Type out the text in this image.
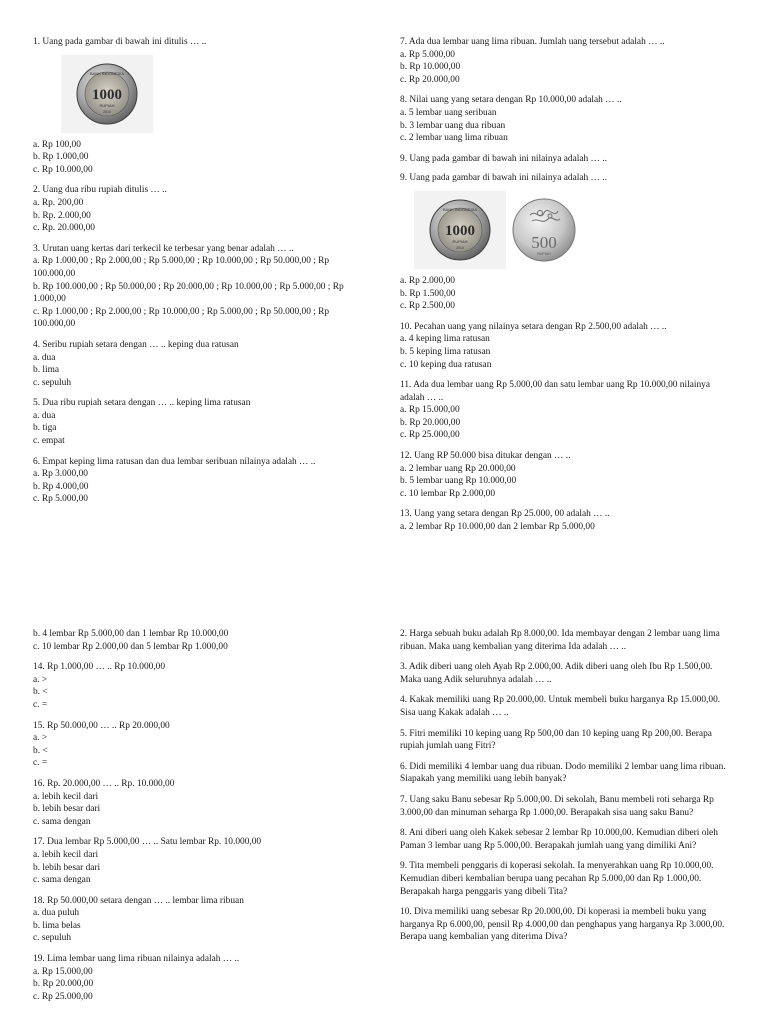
1. Uang pada gambar di bawah ini ditulis … ..

1000
RUPIAH
2010
BANK INDONESIA

a. Rp 100,00

b. Rp 1.000,00

c. Rp 10.000,00

2. Uang dua ribu rupiah ditulis … ..

a. Rp. 200,00

b. Rp. 2.000,00

c. Rp. 20.000,00

3. Urutan uang kertas dari terkecil ke terbesar yang benar adalah … ..

a. Rp 1.000,00 ; Rp 2.000,00 ; Rp 5.000,00 ; Rp 10.000,00 ; Rp 50.000,00 ; Rp 100.000,00

b. Rp 100.000,00 ; Rp 50.000,00 ; Rp 20.000,00 ; Rp 10.000,00 ; Rp 5.000,00 ; Rp 1.000,00

c. Rp 1.000,00 ; Rp 2.000,00 ; Rp 10.000,00 ; Rp 5.000,00 ; Rp 50.000,00 ; Rp 100.000,00

4. Seribu rupiah setara dengan … .. keping dua ratusan

a. dua

b. lima

c. sepuluh

5. Dua ribu rupiah setara dengan … .. keping lima ratusan

a. dua

b. tiga

c. empat

6. Empat keping lima ratusan dan dua lembar seribuan nilainya adalah … ..

a. Rp 3.000,00

b. Rp 4.000,00

c. Rp 5.000,00

7. Ada dua lembar uang lima ribuan. Jumlah uang tersebut adalah … ..

a. Rp 5.000,00

b. Rp 10.000,00

c. Rp 20.000,00

8. Nilai uang yang setara dengan Rp 10.000,00 adalah … ..

a. 5 lembar uang seribuan

b. 3 lembar uang dua ribuan

c. 2 lembar uang lima ribuan

9. Uang pada gambar di bawah ini nilainya adalah … ..

9. Uang pada gambar di bawah ini nilainya adalah … ..

1000
RUPIAH
2010
BANK INDONESIA
500
RUPIAH

a. Rp 2.000,00

b. Rp 1.500,00

c. Rp 2.500,00

10. Pecahan uang yang nilainya setara dengan Rp 2.500,00 adalah … ..

a. 4 keping lima ratusan

b. 5 keping lima ratusan

c. 10 keping dua ratusan

11. Ada dua lembar uang Rp 5.000,00 dan satu lembar uang Rp 10.000,00 nilainya adalah … ..

a. Rp 15.000,00

b. Rp 20.000,00

c. Rp 25.000,00

12. Uang RP 50.000 bisa ditukar dengan … ..

a. 2 lembar uang Rp 20.000,00

b. 5 lembar uang Rp 10.000,00

c. 10 lembar Rp 2.000,00

13. Uang yang setara dengan Rp 25.000, 00 adalah … ..

a. 2 lembar Rp 10.000,00 dan 2 lembar Rp 5.000,00

b. 4 lembar Rp 5.000,00 dan 1 lembar Rp 10.000,00

c. 10 lembar Rp 2.000,00 dan 5 lembar Rp 1.000,00

14. Rp 1.000,00 … .. Rp 10.000,00

a. >

b. <

c. =

15. Rp 50.000,00 … .. Rp 20.000,00

a. >

b. <

c. =

16. Rp. 20.000,00 … .. Rp. 10.000,00

a. lebih kecil dari

b. lebih besar dari

c. sama dengan

17. Dua lembar Rp 5.000,00 … .. Satu lembar Rp. 10.000,00

a. lebih kecil dari

b. lebih besar dari

c. sama dengan

18. Rp 50.000,00 setara dengan … .. lembar lima ribuan

a. dua puluh

b. lima belas

c. sepuluh

19. Lima lembar uang lima ribuan nilainya adalah … ..

a. Rp 15.000,00

b. Rp 20.000,00

c. Rp 25.000,00

2. Harga sebuah buku adalah Rp 8.000,00. Ida membayar dengan 2 lembar uang lima ribuan. Maka uang kembalian yang diterima Ida adalah … ..

3. Adik diberi uang oleh Ayah Rp 2.000,00. Adik diberi uang oleh Ibu Rp 1.500,00. Maka uang Adik seluruhnya adalah … ..

4. Kakak memiliki uang Rp 20.000,00. Untuk membeli buku harganya Rp 15.000,00. Sisa uang Kakak adalah … ..

5. Fitri memiliki 10 keping uang Rp 500,00 dan 10 keping uang Rp 200,00. Berapa rupiah jumlah uang Fitri?

6. Didi memiliki 4 lembar uang dua ribuan. Dodo memiliki 2 lembar uang lima ribuan. Siapakah yang memiliki uang lebih banyak?

7. Uang saku Banu sebesar Rp 5.000,00. Di sekolah, Banu membeli roti seharga Rp 3.000,00 dan minuman seharga Rp 1.000,00. Berapakah sisa uang saku Banu?

8. Ani diberi uang oleh Kakek sebesar 2 lembar Rp 10.000,00. Kemudian diberi oleh Paman 3 lembar uang Rp 5.000,00. Berapakah jumlah uang yang dimiliki Ani?

9. Tita membeli penggaris di koperasi sekolah. Ia menyerahkan uang Rp 10.000,00. Kemudian diberi kembalian berupa uang pecahan Rp 5.000,00 dan Rp 1.000,00. Berapakah harga penggaris yang dibeli Tita?

10. Diva memiliki uang sebesar Rp 20.000,00. Di koperasi ia membeli buku yang harganya Rp 6.000,00, pensil Rp 4.000,00 dan penghapus yang harganya Rp 3.000,00. Berapa uang kembalian yang diterima Diva?
